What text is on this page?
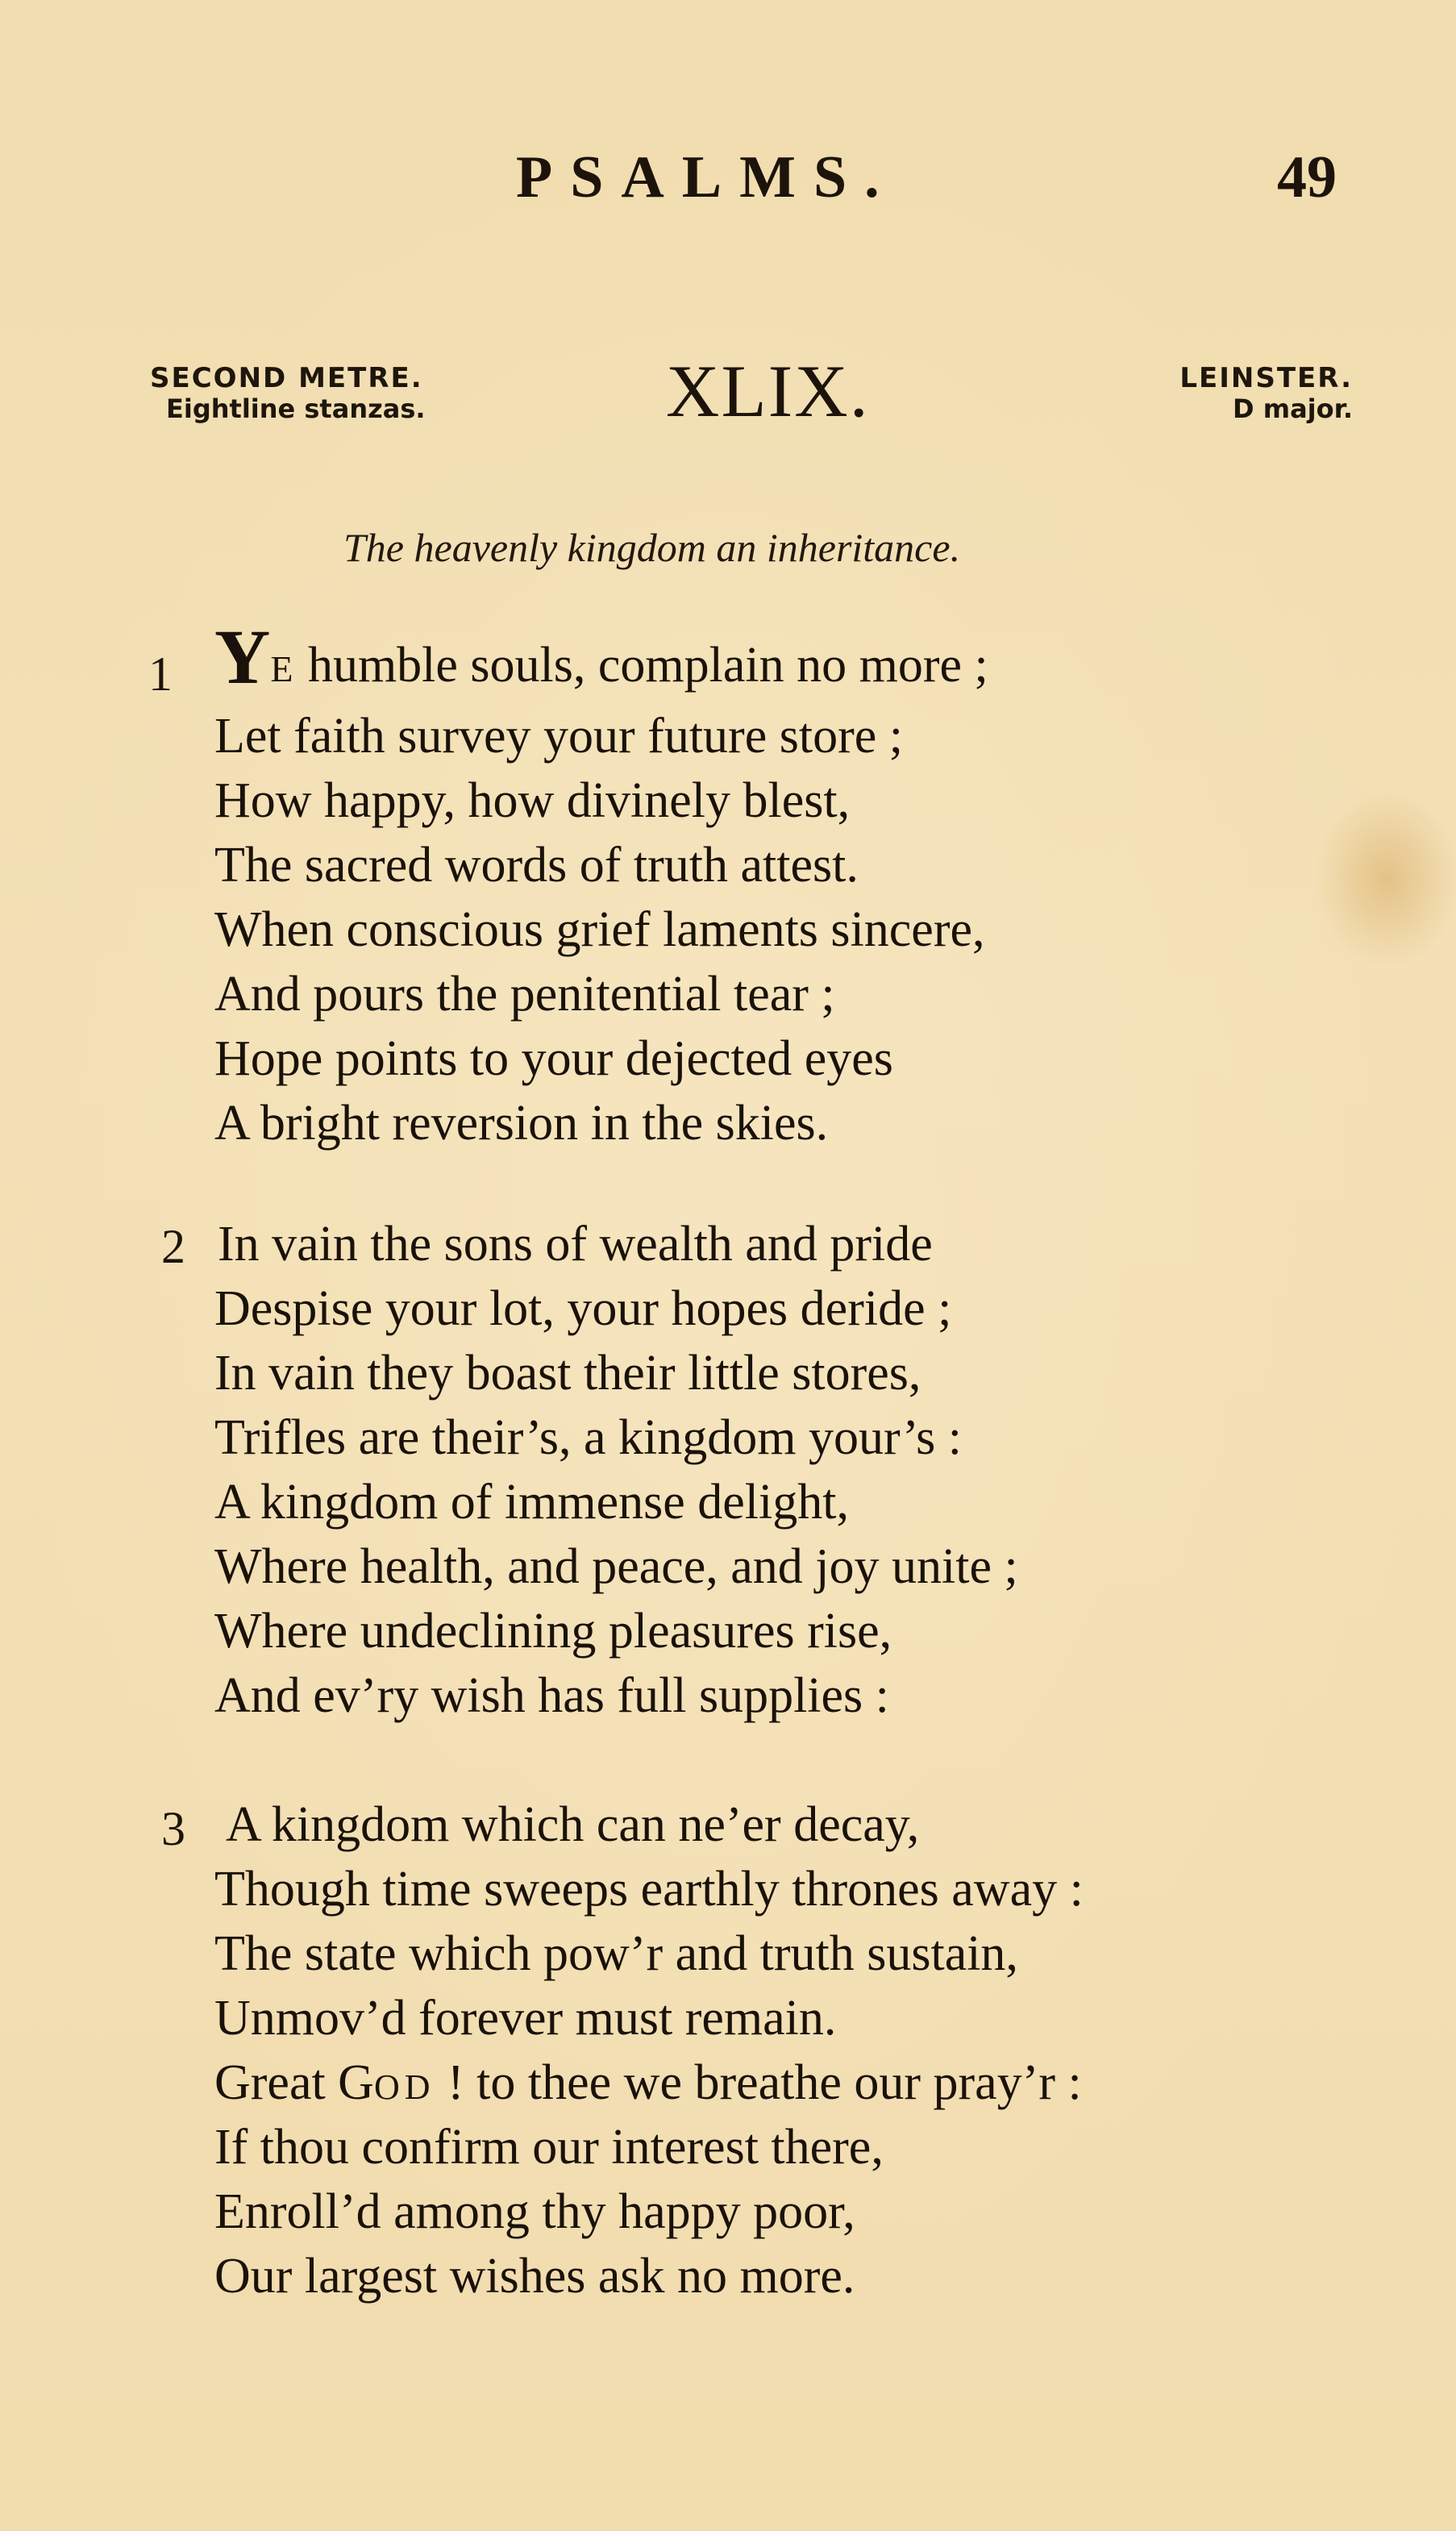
PSALMS.	49
SECOND METRE.
Eightline stanzas.	XLIX.	LEINSTER.
D major.
The heavenly kingdom an inheritance.
1 YE humble souls, complain no more ;
Let faith survey your future store ;
How happy, how divinely blest,
The sacred words of truth attest.
When conscious grief laments sincere,
And pours the penitential tear ;
Hope points to your dejected eyes
A bright reversion in the skies.
2 In vain the sons of wealth and pride
Despise your lot, your hopes deride ;
In vain they boast their little stores,
Trifles are their’s, a kingdom your’s :
A kingdom of immense delight,
Where health, and peace, and joy unite ;
Where undeclining pleasures rise,
And ev’ry wish has full supplies :
3 A kingdom which can ne’er decay,
Though time sweeps earthly thrones away :
The state which pow’r and truth sustain,
Unmov’d forever must remain.
Great GOD ! to thee we breathe our pray’r :
If thou confirm our interest there,
Enroll’d among thy happy poor,
Our largest wishes ask no more.
